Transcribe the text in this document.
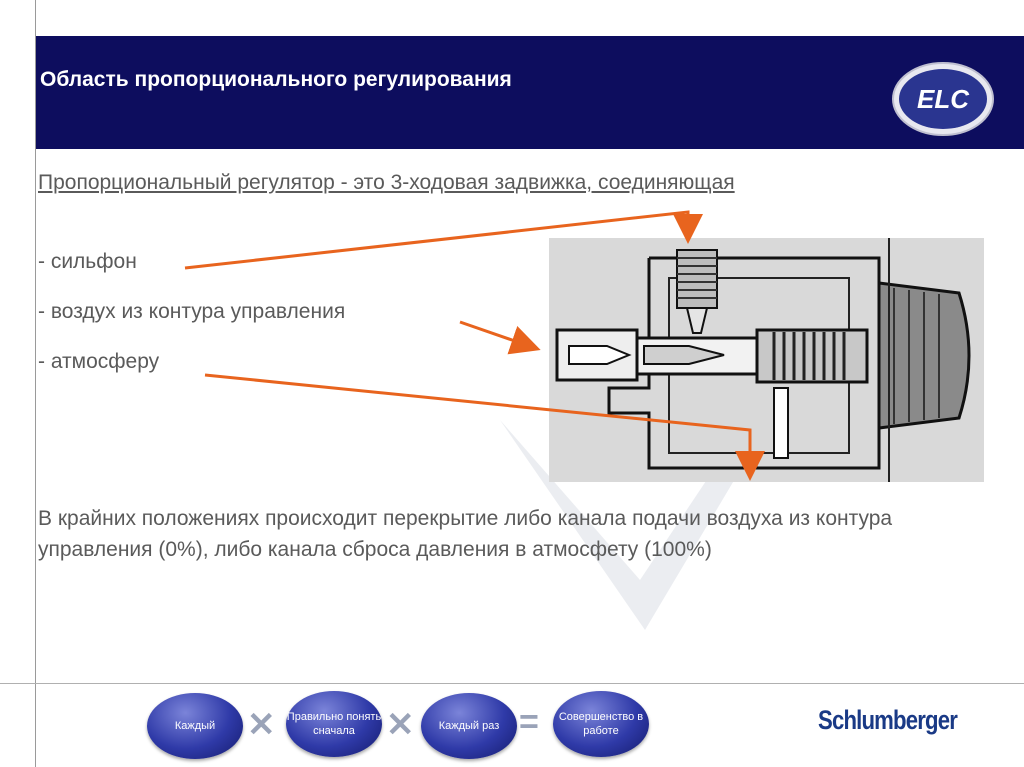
Область пропорционального регулирования
ELC
Пропорциональный регулятор - это 3-ходовая задвижка, соединяющая
- сильфон
- воздух из контура управления
- атмосферу
В крайних положениях происходит перекрытие либо канала подачи воздуха из контура управления (0%), либо канала сброса давления в атмосфету (100%)
Каждый ✕ Правильно понять сначала ✕	Каждый раз =	Совершенство в работе	Schlumberger
